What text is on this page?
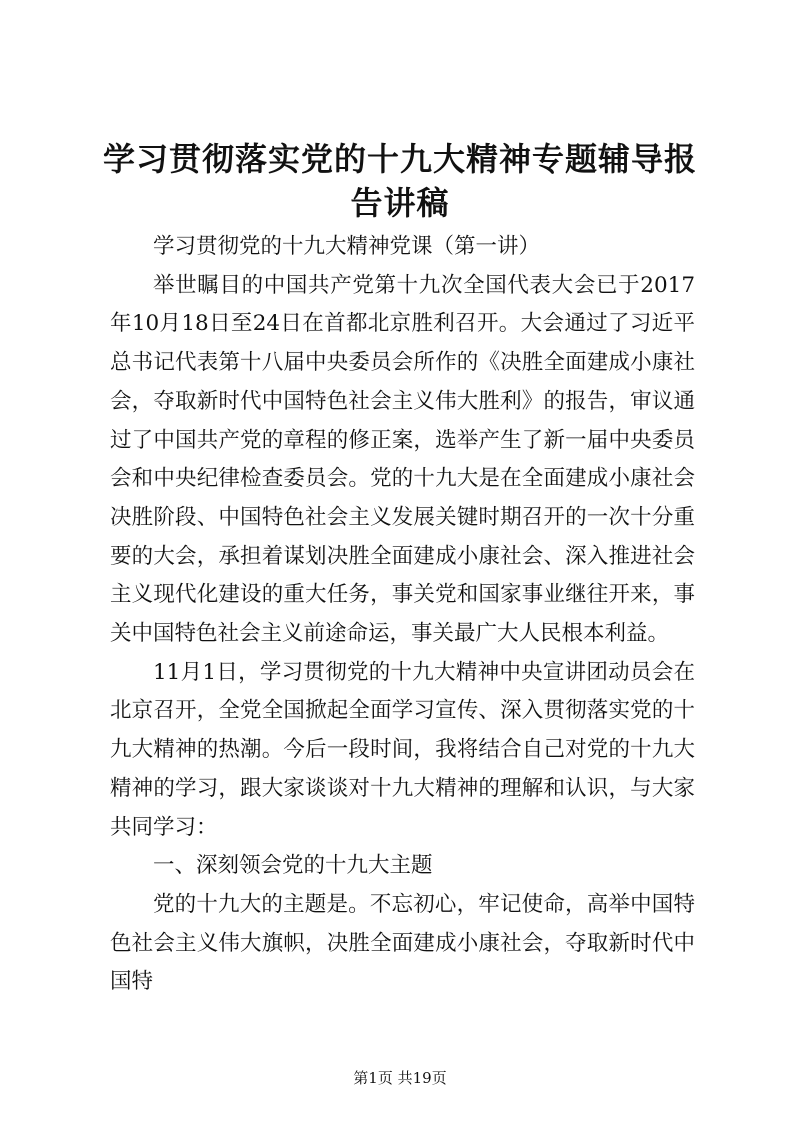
学习贯彻落实党的十九大精神专题辅导报告讲稿

学习贯彻党的十九大精神党课（第一讲）

举世瞩目的中国共产党第十九次全国代表大会已于2017年10月18日至24日在首都北京胜利召开。大会通过了习近平总书记代表第十八届中央委员会所作的《决胜全面建成小康社会，夺取新时代中国特色社会主义伟大胜利》的报告，审议通过了中国共产党的章程的修正案，选举产生了新一届中央委员会和中央纪律检查委员会。党的十九大是在全面建成小康社会决胜阶段、中国特色社会主义发展关键时期召开的一次十分重要的大会，承担着谋划决胜全面建成小康社会、深入推进社会主义现代化建设的重大任务，事关党和国家事业继往开来，事关中国特色社会主义前途命运，事关最广大人民根本利益。

11月1日，学习贯彻党的十九大精神中央宣讲团动员会在北京召开，全党全国掀起全面学习宣传、深入贯彻落实党的十九大精神的热潮。今后一段时间，我将结合自己对党的十九大精神的学习，跟大家谈谈对十九大精神的理解和认识，与大家共同学习：

一、深刻领会党的十九大主题

党的十九大的主题是。不忘初心，牢记使命，高举中国特色社会主义伟大旗帜，决胜全面建成小康社会，夺取新时代中国特

第1页 共19页
